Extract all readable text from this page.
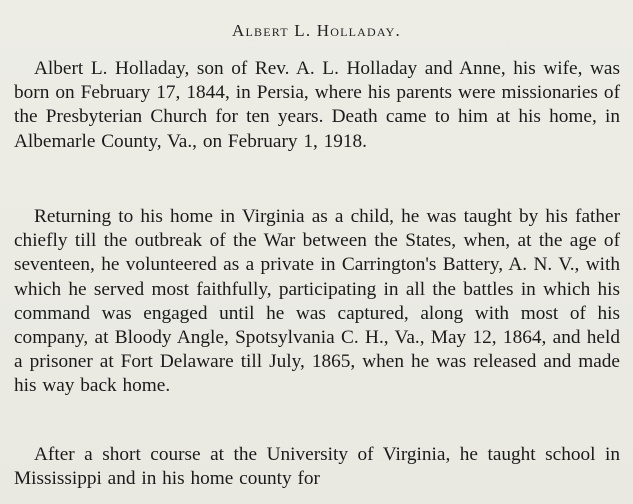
Albert L. Holladay.

Albert L. Holladay, son of Rev. A. L. Holladay and Anne, his wife, was born on February 17, 1844, in Persia, where his parents were missionaries of the Presbyterian Church for ten years. Death came to him at his home, in Albemarle County, Va., on February 1, 1918.

Returning to his home in Virginia as a child, he was taught by his father chiefly till the outbreak of the War between the States, when, at the age of seventeen, he volunteered as a private in Carrington's Battery, A. N. V., with which he served most faithfully, participating in all the battles in which his command was engaged until he was captured, along with most of his company, at Bloody Angle, Spotsylvania C. H., Va., May 12, 1864, and held a prisoner at Fort Delaware till July, 1865, when he was released and made his way back home.

After a short course at the University of Virginia, he taught school in Mississippi and in his home county for
